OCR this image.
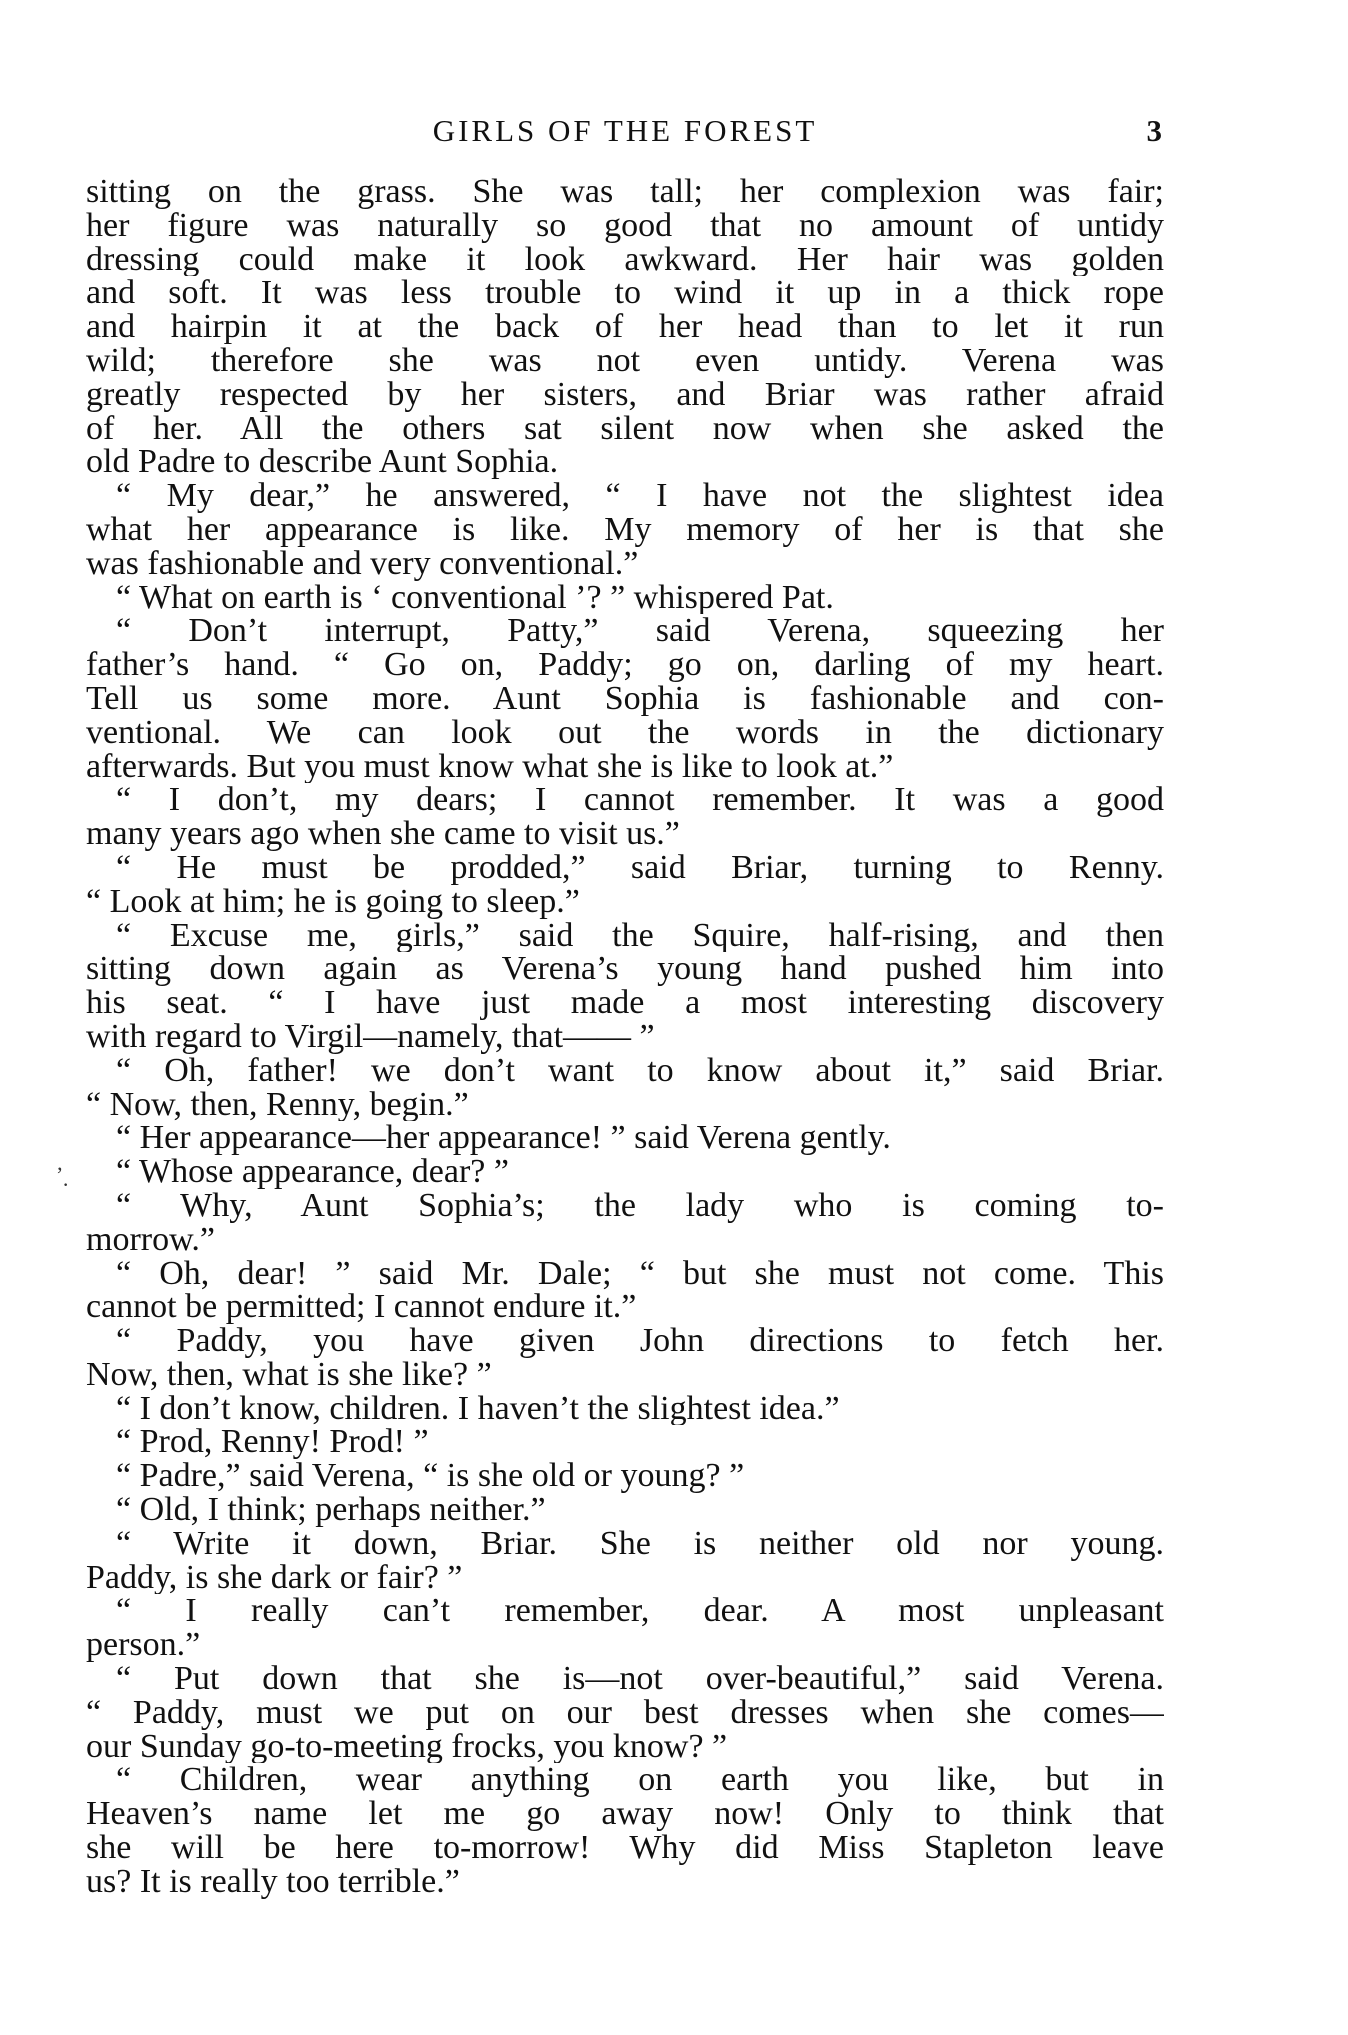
GIRLS OF THE FOREST	3
sitting on the grass. She was tall; her complexion was fair;
her figure was naturally so good that no amount of untidy
dressing could make it look awkward. Her hair was golden
and soft. It was less trouble to wind it up in a thick rope
and hairpin it at the back of her head than to let it run
wild; therefore she was not even untidy. Verena was
greatly respected by her sisters, and Briar was rather afraid
of her. All the others sat silent now when she asked the
old Padre to describe Aunt Sophia.
“ My dear,” he answered, “ I have not the slightest idea
what her appearance is like. My memory of her is that she
was fashionable and very conventional.”
“ What on earth is ‘ conventional ’? ” whispered Pat.
“ Don’t interrupt, Patty,” said Verena, squeezing her
father’s hand. “ Go on, Paddy; go on, darling of my heart.
Tell us some more. Aunt Sophia is fashionable and con-
ventional. We can look out the words in the dictionary
afterwards. But you must know what she is like to look at.”
“ I don’t, my dears; I cannot remember. It was a good
many years ago when she came to visit us.”
“ He must be prodded,” said Briar, turning to Renny.
“ Look at him; he is going to sleep.”
“ Excuse me, girls,” said the Squire, half-rising, and then
sitting down again as Verena’s young hand pushed him into
his seat. “ I have just made a most interesting discovery
with regard to Virgil—namely, that—— ”
“ Oh, father! we don’t want to know about it,” said Briar.
“ Now, then, Renny, begin.”
“ Her appearance—her appearance! ” said Verena gently.
“ Whose appearance, dear? ”
“ Why, Aunt Sophia’s; the lady who is coming to-
morrow.”
“ Oh, dear! ” said Mr. Dale; “ but she must not come. This
cannot be permitted; I cannot endure it.”
“ Paddy, you have given John directions to fetch her.
Now, then, what is she like? ”
“ I don’t know, children. I haven’t the slightest idea.”
“ Prod, Renny! Prod! ”
“ Padre,” said Verena, “ is she old or young? ”
“ Old, I think; perhaps neither.”
“ Write it down, Briar. She is neither old nor young.
Paddy, is she dark or fair? ”
“ I really can’t remember, dear. A most unpleasant
person.”
“ Put down that she is—not over-beautiful,” said Verena.
“ Paddy, must we put on our best dresses when she comes—
our Sunday go-to-meeting frocks, you know? ”
“ Children, wear anything on earth you like, but in
Heaven’s name let me go away now! Only to think that
she will be here to-morrow! Why did Miss Stapleton leave
us? It is really too terrible.”
‚
·
